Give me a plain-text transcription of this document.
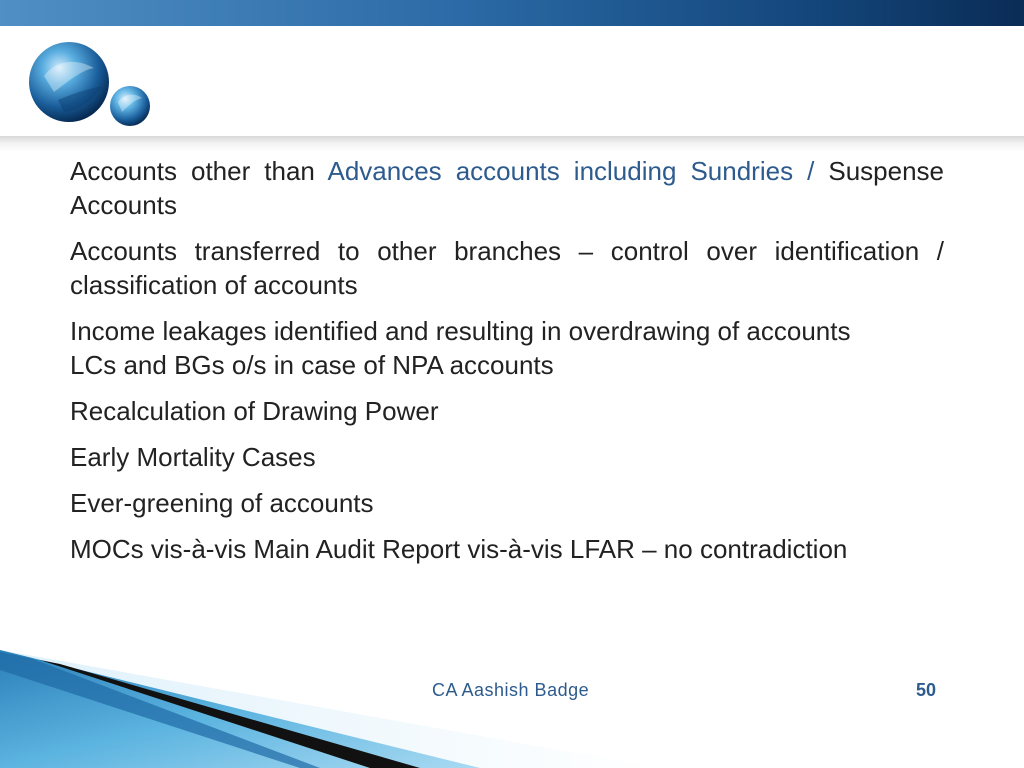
Accounts other than Advances accounts including Sundries / Suspense Accounts
Accounts transferred to other branches – control over identification / classification of accounts
Income leakages identified and resulting in overdrawing of accounts
LCs and BGs o/s in case of NPA accounts
Recalculation of Drawing Power
Early Mortality Cases
Ever-greening of accounts
MOCs vis-à-vis Main Audit Report vis-à-vis LFAR – no contradiction
CA Aashish Badge	50
